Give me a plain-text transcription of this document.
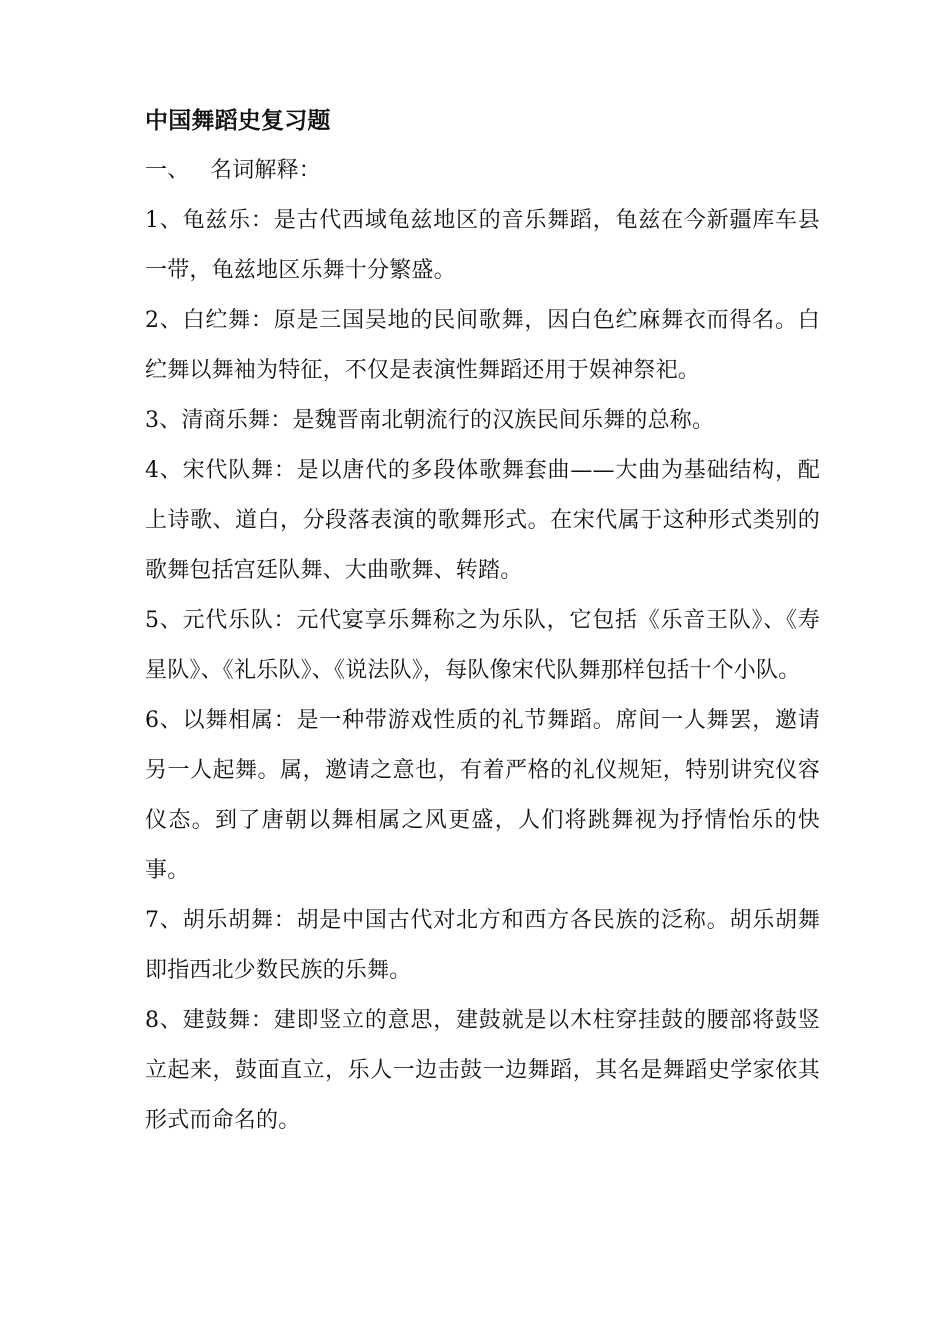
中国舞蹈史复习题
一、 名词解释：

1、龟兹乐：是古代西域龟兹地区的音乐舞蹈，龟兹在今新疆库车县一带，龟兹地区乐舞十分繁盛。

2、白纻舞：原是三国吴地的民间歌舞，因白色纻麻舞衣而得名。白纻舞以舞袖为特征，不仅是表演性舞蹈还用于娱神祭祀。

3、清商乐舞：是魏晋南北朝流行的汉族民间乐舞的总称。

4、宋代队舞：是以唐代的多段体歌舞套曲——大曲为基础结构，配上诗歌、道白，分段落表演的歌舞形式。在宋代属于这种形式类别的歌舞包括宫廷队舞、大曲歌舞、转踏。

5、元代乐队：元代宴享乐舞称之为乐队，它包括《乐音王队》、《寿星队》、《礼乐队》、《说法队》，每队像宋代队舞那样包括十个小队。

6、以舞相属：是一种带游戏性质的礼节舞蹈。席间一人舞罢，邀请另一人起舞。属，邀请之意也，有着严格的礼仪规矩，特别讲究仪容仪态。到了唐朝以舞相属之风更盛，人们将跳舞视为抒情怡乐的快事。

7、胡乐胡舞：胡是中国古代对北方和西方各民族的泛称。胡乐胡舞即指西北少数民族的乐舞。

8、建鼓舞：建即竖立的意思，建鼓就是以木柱穿挂鼓的腰部将鼓竖立起来，鼓面直立，乐人一边击鼓一边舞蹈，其名是舞蹈史学家依其形式而命名的。
